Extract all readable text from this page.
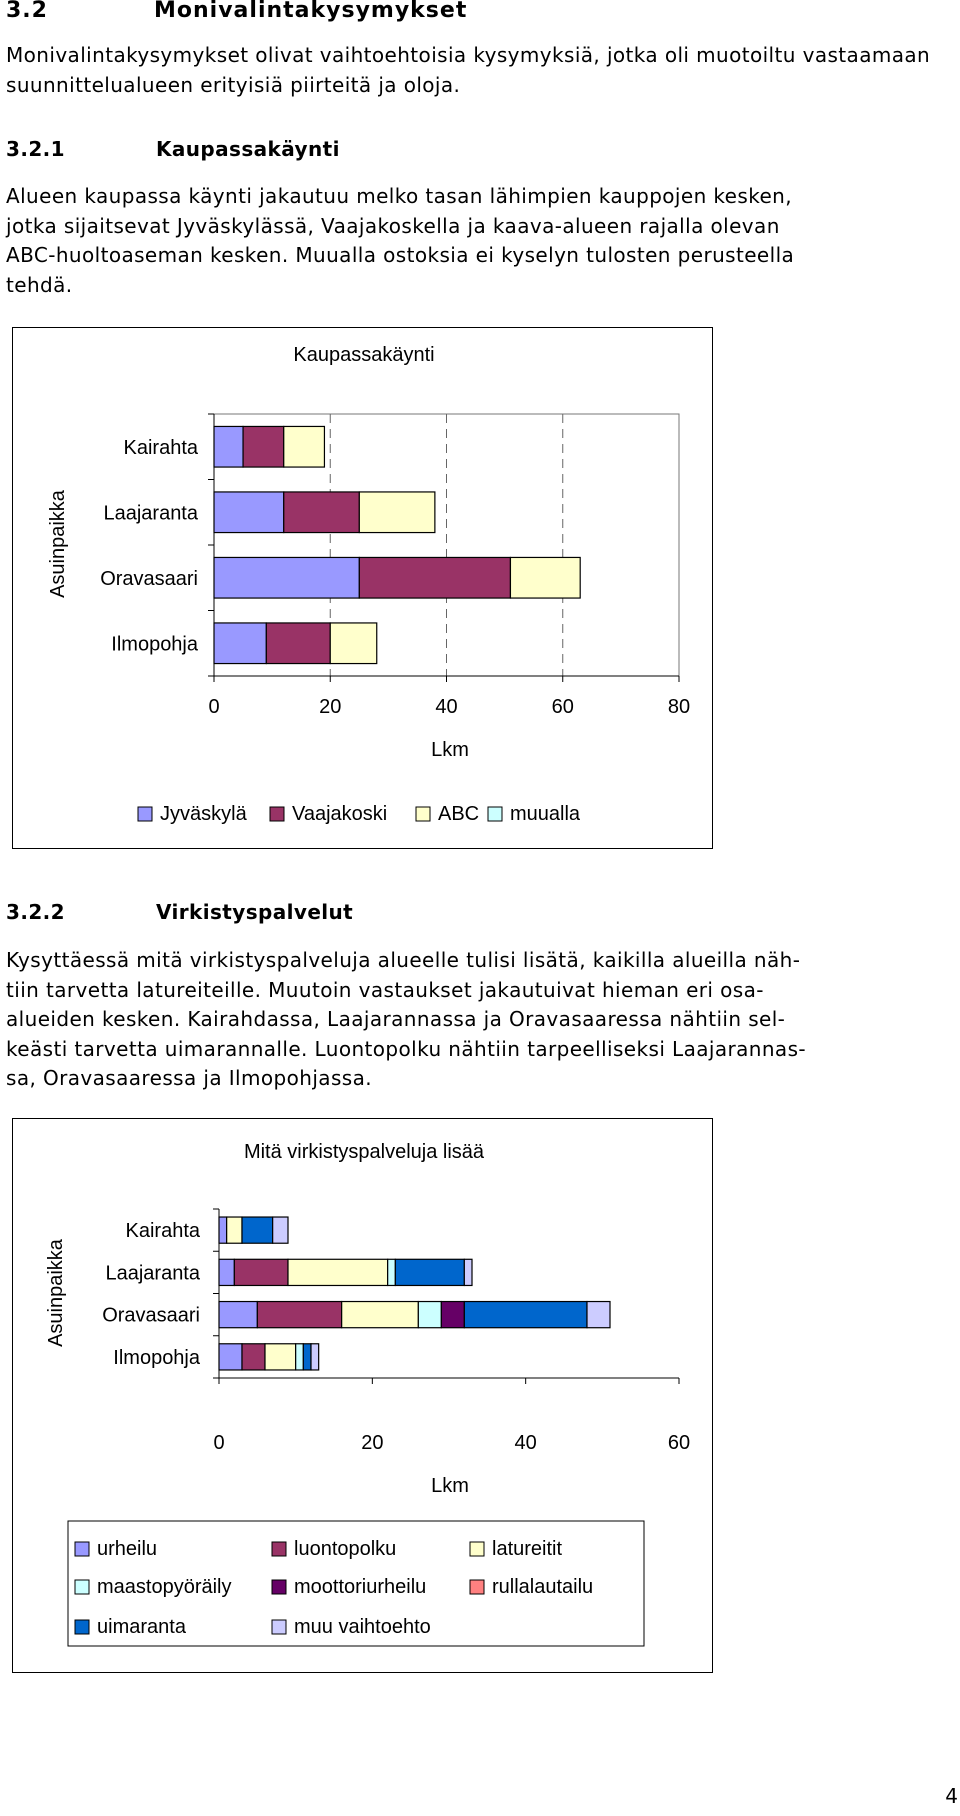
3.2	Monivalintakysymykset

Monivalintakysymykset olivat vaihtoehtoisia kysymyksiä, jotka oli muotoiltu vastaamaan suunnittelualueen erityisiä piirteitä ja oloja.

3.2.1	Kaupassakäynti
Alueen kaupassa käynti jakautuu melko tasan lähimpien kauppojen kesken,
jotka sijaitsevat Jyväskylässä, Vaajakoskella ja kaava-alueen rajalla olevan
ABC-huoltoaseman kesken. Muualla ostoksia ei kyselyn tulosten perusteella
tehdä.
Kaupassakäynti
0	20	40	60	80
Kairahta
Laajaranta
Oravasaari
Ilmopohja
Lkm
Asuinpaikka
Jyväskylä Vaajakoski	ABC muualla
3.2.2	Virkistyspalvelut
Kysyttäessä mitä virkistyspalveluja alueelle tulisi lisätä, kaikilla alueilla näh-
tiin tarvetta latureiteille. Muutoin vastaukset jakautuivat hieman eri osa-
alueiden kesken. Kairahdassa, Laajarannassa ja Oravasaaressa nähtiin sel-
keästi tarvetta uimarannalle. Luontopolku nähtiin tarpeelliseksi Laajarannas-
sa, Oravasaaressa ja Ilmopohjassa.
Mitä virkistyspalveluja lisää
0	20	40	60
Kairahta
Laajaranta
Oravasaari
Ilmopohja
Lkm
Asuinpaikka
urheilu	luontopolku	latureitit
maastopyöräily	moottoriurheilu	rullalautailu
uimaranta	muu vaihtoehto
4
